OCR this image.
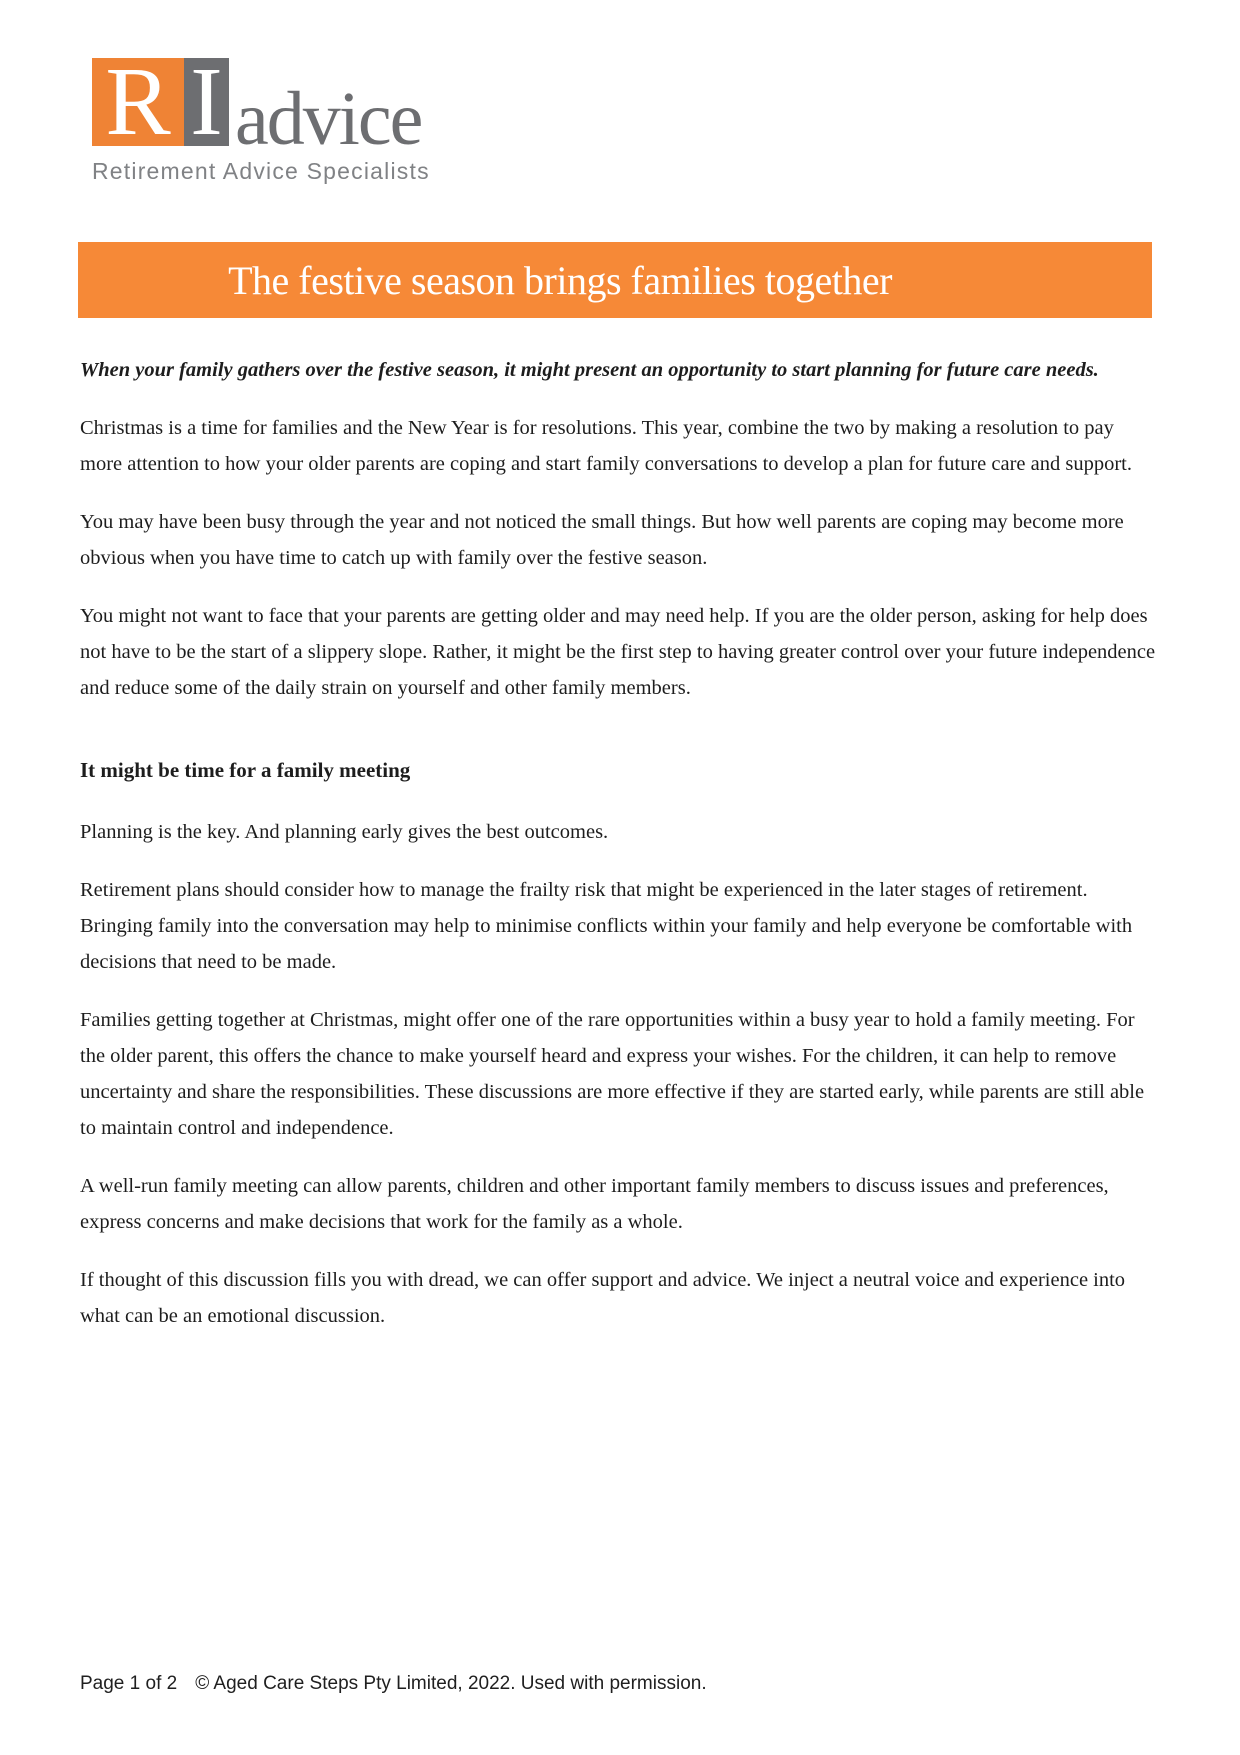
R I advice
Retirement Advice Specialists
The festive season brings families together

When your family gathers over the festive season, it might present an opportunity to start planning for future care needs.

Christmas is a time for families and the New Year is for resolutions. This year, combine the two by making a resolution to pay more attention to how your older parents are coping and start family conversations to develop a plan for future care and support.

You may have been busy through the year and not noticed the small things. But how well parents are coping may become more obvious when you have time to catch up with family over the festive season.

You might not want to face that your parents are getting older and may need help. If you are the older person, asking for help does not have to be the start of a slippery slope. Rather, it might be the first step to having greater control over your future independence and reduce some of the daily strain on yourself and other family members.

It might be time for a family meeting

Planning is the key. And planning early gives the best outcomes.

Retirement plans should consider how to manage the frailty risk that might be experienced in the later stages of retirement. Bringing family into the conversation may help to minimise conflicts within your family and help everyone be comfortable with decisions that need to be made.

Families getting together at Christmas, might offer one of the rare opportunities within a busy year to hold a family meeting. For the older parent, this offers the chance to make yourself heard and express your wishes. For the children, it can help to remove uncertainty and share the responsibilities. These discussions are more effective if they are started early, while parents are still able to maintain control and independence.

A well-run family meeting can allow parents, children and other important family members to discuss issues and preferences, express concerns and make decisions that work for the family as a whole.

If thought of this discussion fills you with dread, we can offer support and advice. We inject a neutral voice and experience into what can be an emotional discussion.

Page 1 of 2 © Aged Care Steps Pty Limited, 2022. Used with permission.
